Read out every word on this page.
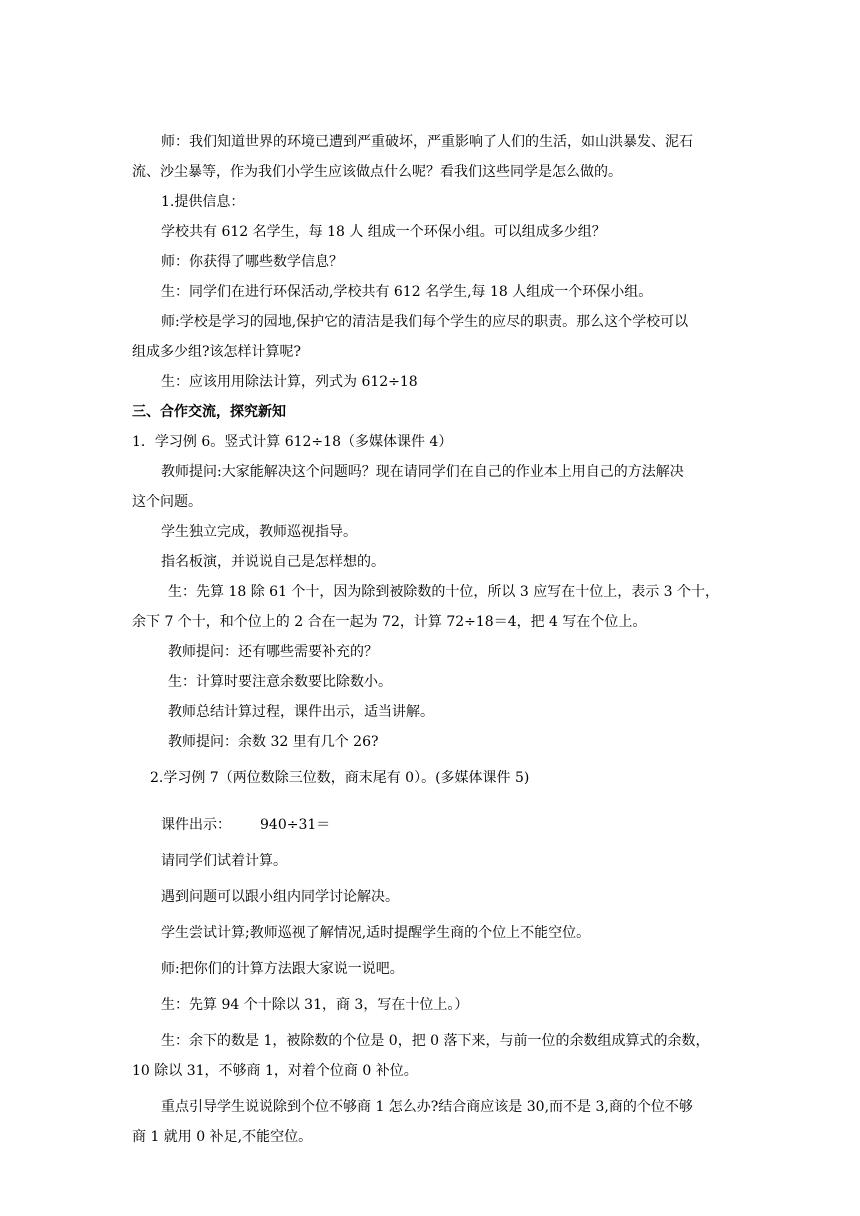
师：我们知道世界的环境已遭到严重破坏，严重影响了人们的生活，如山洪暴发、泥石
流、沙尘暴等，作为我们小学生应该做点什么呢？看我们这些同学是怎么做的。
1.提供信息：
学校共有 612 名学生，每 18 人 组成一个环保小组。可以组成多少组？
师：你获得了哪些数学信息？
生：同学们在进行环保活动,学校共有 612 名学生,每 18 人组成一个环保小组。
师:学校是学习的园地,保护它的清洁是我们每个学生的应尽的职责。那么这个学校可以
组成多少组?该怎样计算呢?
生：应该用用除法计算，列式为 612÷18
三、合作交流，探究新知
1．学习例 6。竖式计算 612÷18（多媒体课件 4）
教师提问:大家能解决这个问题吗？现在请同学们在自己的作业本上用自己的方法解决
这个问题。
学生独立完成，教师巡视指导。
指名板演，并说说自己是怎样想的。
生：先算 18 除 61 个十，因为除到被除数的十位，所以 3 应写在十位上，表示 3 个十，
余下 7 个十，和个位上的 2 合在一起为 72，计算 72÷18＝4，把 4 写在个位上。
教师提问：还有哪些需要补充的？
生：计算时要注意余数要比除数小。
教师总结计算过程，课件出示，适当讲解。
教师提问：余数 32 里有几个 26?
2.学习例 7（两位数除三位数，商末尾有 0）。(多媒体课件 5)
课件出示： 940÷31＝
请同学们试着计算。
遇到问题可以跟小组内同学讨论解决。
学生尝试计算;教师巡视了解情况,适时提醒学生商的个位上不能空位。
师:把你们的计算方法跟大家说一说吧。
生：先算 94 个十除以 31，商 3，写在十位上。）
生：余下的数是 1，被除数的个位是 0，把 0 落下来，与前一位的余数组成算式的余数，
10 除以 31，不够商 1，对着个位商 0 补位。
重点引导学生说说除到个位不够商 1 怎么办?结合商应该是 30,而不是 3,商的个位不够
商 1 就用 0 补足,不能空位。
